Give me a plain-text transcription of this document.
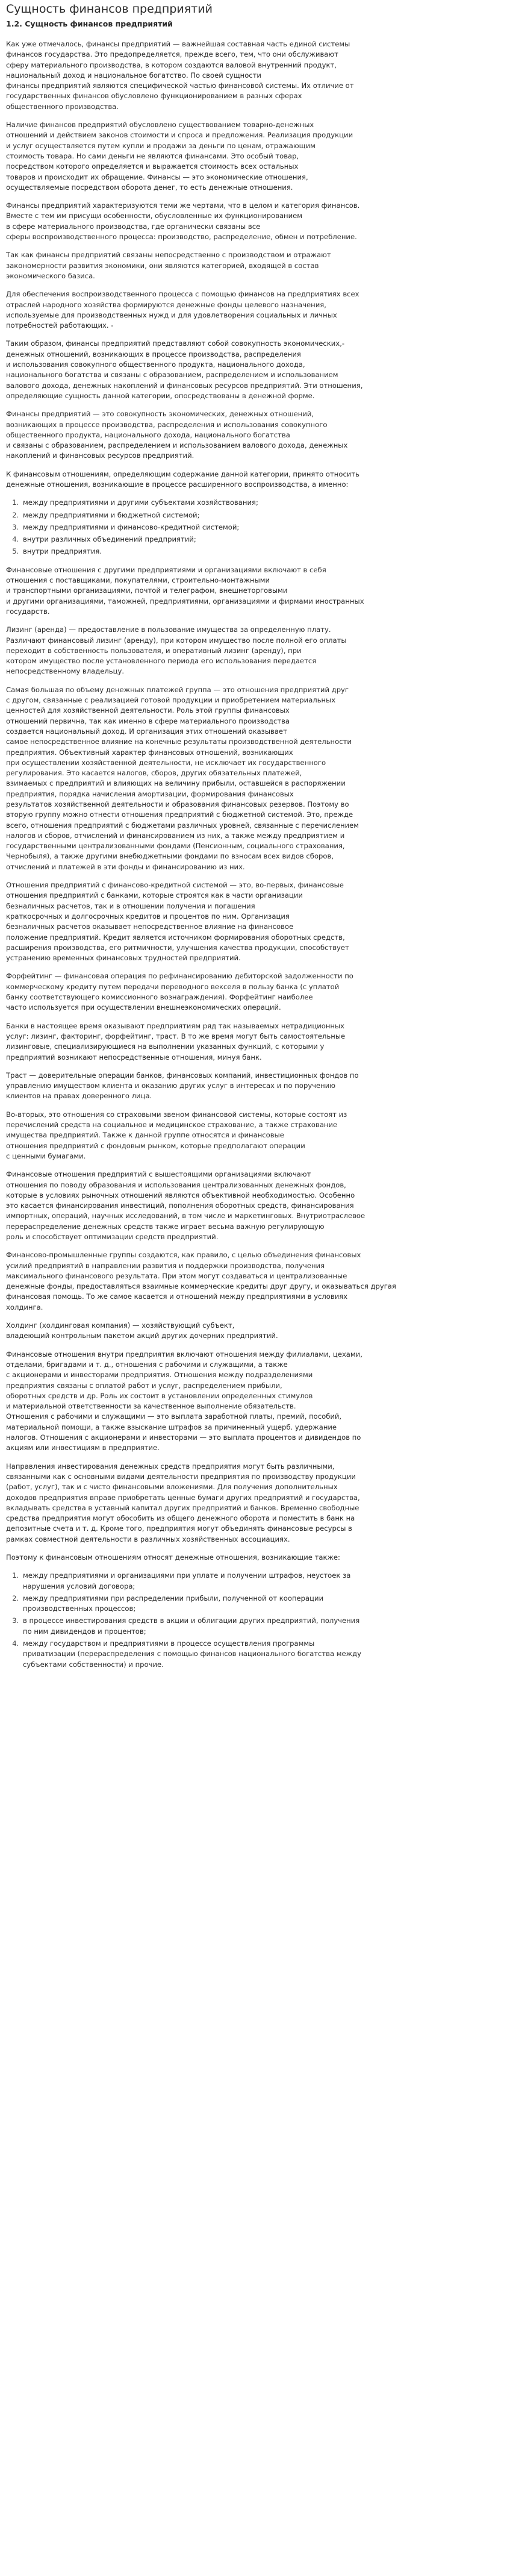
Сущность финансов предприятий
1.2. Сущность финансов предприятий

Как уже отмечалось, финансы предприятий — важнейшая составная часть единой системы
финансов государства. Это предопределяется, прежде всего, тем, что они обслуживают
сферу материального производства, в котором создаются валовой внутренний продукт,
национальный доход и национальное богатство. По своей сущности
финансы предприятий являются специфической частью финансовой системы. Их отличие от
государственных финансов обусловлено функционированием в разных сферах
общественного производства.

Наличие финансов предприятий обусловлено существованием товарно-денежных
отношений и действием законов стоимости и спроса и предложения. Реализация продукции
и услуг осуществляется путем купли и продажи за деньги по ценам, отражающим
стоимость товара. Но сами деньги не являются финансами. Это особый товар,
посредством которого определяется и выражается стоимость всех остальных
товаров и происходит их обращение. Финансы — это экономические отношения,
осуществляемые посредством оборота денег, то есть денежные отношения.

Финансы предприятий характеризуются теми же чертами, что в целом и категория финансов.
Вместе с тем им присущи особенности, обусловленные их функционированием
в сфере материального производства, где органически связаны все
сферы воспроизводственного процесса: производство, распределение, обмен и потребление.

Так как финансы предприятий связаны непосредственно с производством и отражают
закономерности развития экономики, они являются категорией, входящей в состав
экономического базиса.

Для обеспечения воспроизводственного процесса с помощью финансов на предприятиях всех
отраслей народного хозяйства формируются денежные фонды целевого назначения,
используемые для производственных нужд и для удовлетворения социальных и личных
потребностей работающих. -

Таким образом, финансы предприятий представляют собой совокупность экономических,-
денежных отношений, возникающих в процессе производства, распределения
и использования совокупного общественного продукта, национального дохода,
национального богатства и связаны с образованием, распределением и использованием
валового дохода, денежных накоплений и финансовых ресурсов предприятий. Эти отношения,
определяющие сущность данной категории, опосредствованы в денежной форме.

Финансы предприятий — это совокупность экономических, денежных отношений,
возникающих в процессе производства, распределения и использования совокупного
общественного продукта, национального дохода, национального богатства
и связаны с образованием, распределением и использованием валового дохода, денежных
накоплений и финансовых ресурсов предприятий.

К финансовым отношениям, определяющим содержание данной категории, принято относить
денежные отношения, возникающие в процессе расширенного воспроизводства, а именно:

1. между предприятиями и другими субъектами хозяйствования;
2. между предприятиями и бюджетной системой;
3. между предприятиями и финансово-кредитной системой;
4. внутри различных объединений предприятий;
5. внутри предприятия.

Финансовые отношения с другими предприятиями и организациями включают в себя
отношения с поставщиками, покупателями, строительно-монтажными
и транспортными организациями, почтой и телеграфом, внешнеторговыми
и другими организациями, таможней, предприятиями, организациями и фирмами иностранных
государств.

Лизинг (аренда) — предоставление в пользование имущества за определенную плату.
Различают финансовый лизинг (аренду), при котором имущество после полной его оплаты
переходит в собственность пользователя, и оперативный лизинг (аренду), при
котором имущество после установленного периода его использования передается
непосредственному владельцу.

Самая большая по объему денежных платежей группа — это отношения предприятий друг
с другом, связанные с реализацией готовой продукции и приобретением материальных
ценностей для хозяйственной деятельности. Роль этой группы финансовых
отношений первична, так как именно в сфере материального производства
создается национальный доход. И организация этих отношений оказывает
самое непосредственное влияние на конечные результаты производственной деятельности
предприятия. Объективный характер финансовых отношений, возникающих
при осуществлении хозяйственной деятельности, не исключает их государственного
регулирования. Это касается налогов, сборов, других обязательных платежей,
взимаемых с предприятий и влияющих на величину прибыли, оставшейся в распоряжении
предприятия, порядка начисления амортизации, формирования финансовых
результатов хозяйственной деятельности и образования финансовых резервов. Поэтому во
вторую группу можно отнести отношения предприятий с бюджетной системой. Это, прежде
всего, отношения предприятий с бюджетами различных уровней, связанные с перечислением
налогов и сборов, отчислений и финансированием из них, а также между предприятием и
государственными централизованными фондами (Пенсионным, социального страхования,
Чернобыля), а также другими внебюджетными фондами по взносам всех видов сборов,
отчислений и платежей в эти фонды и финансированию из них.

Отношения предприятий с финансово-кредитной системой — это, во-первых, финансовые
отношения предприятий с банками, которые строятся как в части организации
безналичных расчетов, так и в отношении получения и погашения
краткосрочных и долгосрочных кредитов и процентов по ним. Организация
безналичных расчетов оказывает непосредственное влияние на финансовое
положение предприятий. Кредит является источником формирования оборотных средств,
расширения производства, его ритмичности, улучшения качества продукции, способствует
устранению временных финансовых трудностей предприятий.

Форфейтинг — финансовая операция по рефинансированию дебиторской задолженности по
коммерческому кредиту путем передачи переводного векселя в пользу банка (с уплатой
банку соответствующего комиссионного вознаграждения). Форфейтинг наиболее
часто используется при осуществлении внешнеэкономических операций.

Банки в настоящее время оказывают предприятиям ряд так называемых нетрадиционных
услуг: лизинг, факторинг, форфейтинг, траст. В то же время могут быть самостоятельные
лизинговые, специализирующиеся на выполнении указанных функций, с которыми у
предприятий возникают непосредственные отношения, минуя банк.

Траст — доверительные операции банков, финансовых компаний, инвестиционных фондов по
управлению имуществом клиента и оказанию других услуг в интересах и по поручению
клиентов на правах доверенного лица.

Во-вторых, это отношения со страховыми звеном финансовой системы, которые состоят из
перечислений средств на социальное и медицинское страхование, а также страхование
имущества предприятий. Также к данной группе относятся и финансовые
отношения предприятий с фондовым рынком, которые предполагают операции
с ценными бумагами.

Финансовые отношения предприятий с вышестоящими организациями включают
отношения по поводу образования и использования централизованных денежных фондов,
которые в условиях рыночных отношений являются объективной необходимостью. Особенно
это касается финансирования инвестиций, пополнения оборотных средств, финансирования
импортных, операций, научных исследований, в том числе и маркетинговых. Внутриотраслевое
перераспределение денежных средств также играет весьма важную регулирующую
роль и способствует оптимизации средств предприятий.

Финансово-промышленные группы создаются, как правило, с целью объединения финансовых
усилий предприятий в направлении развития и поддержки производства, получения
максимального финансового результата. При этом могут создаваться и централизованные
денежные фонды, предоставляться взаимные коммерческие кредиты друг другу, и оказываться другая
финансовая помощь. То же самое касается и отношений между предприятиями в условиях
холдинга.

Холдинг (холдинговая компания) — хозяйствующий субъект,
владеющий контрольным пакетом акций других дочерних предприятий.

Финансовые отношения внутри предприятия включают отношения между филиалами, цехами,
отделами, бригадами и т. д., отношения с рабочими и служащими, а также
с акционерами и инвесторами предприятия. Отношения между подразделениями
предприятия связаны с оплатой работ и услуг, распределением прибыли,
оборотных средств и др. Роль их состоит в установлении определенных стимулов
и материальной ответственности за качественное выполнение обязательств.
Отношения с рабочими и служащими — это выплата заработной платы, премий, пособий,
материальной помощи, а также взыскание штрафов за причиненный ущерб. удержание
налогов. Отношения с акционерами и инвесторами — это выплата процентов и дивидендов по
акциям или инвестициям в предприятие.

Направления инвестирования денежных средств предприятия могут быть различными,
связанными как с основными видами деятельности предприятия по производству продукции
(работ, услуг), так и с чисто финансовыми вложениями. Для получения дополнительных
доходов предприятия вправе приобретать ценные бумаги других предприятий и государства,
вкладывать средства в уставный капитал других предприятий и банков. Временно свободные
средства предприятия могут обособить из общего денежного оборота и поместить в банк на
депозитные счета и т. д. Кроме того, предприятия могут объединять финансовые ресурсы в
рамках совместной деятельности в различных хозяйственных ассоциациях.

Поэтому к финансовым отношениям относят денежные отношения, возникающие также:

1. между предприятиями и организациями при уплате и получении штрафов, неустоек за
нарушения условий договора;
2. между предприятиями при распределении прибыли, полученной от кооперации
производственных процессов;
3. в процессе инвестирования средств в акции и облигации других предприятий, получения
по ним дивидендов и процентов;
4. между государством и предприятиями в процессе осуществления программы
приватизации (перераспределения с помощью финансов национального богатства между
субъектами собственности) и прочие.
